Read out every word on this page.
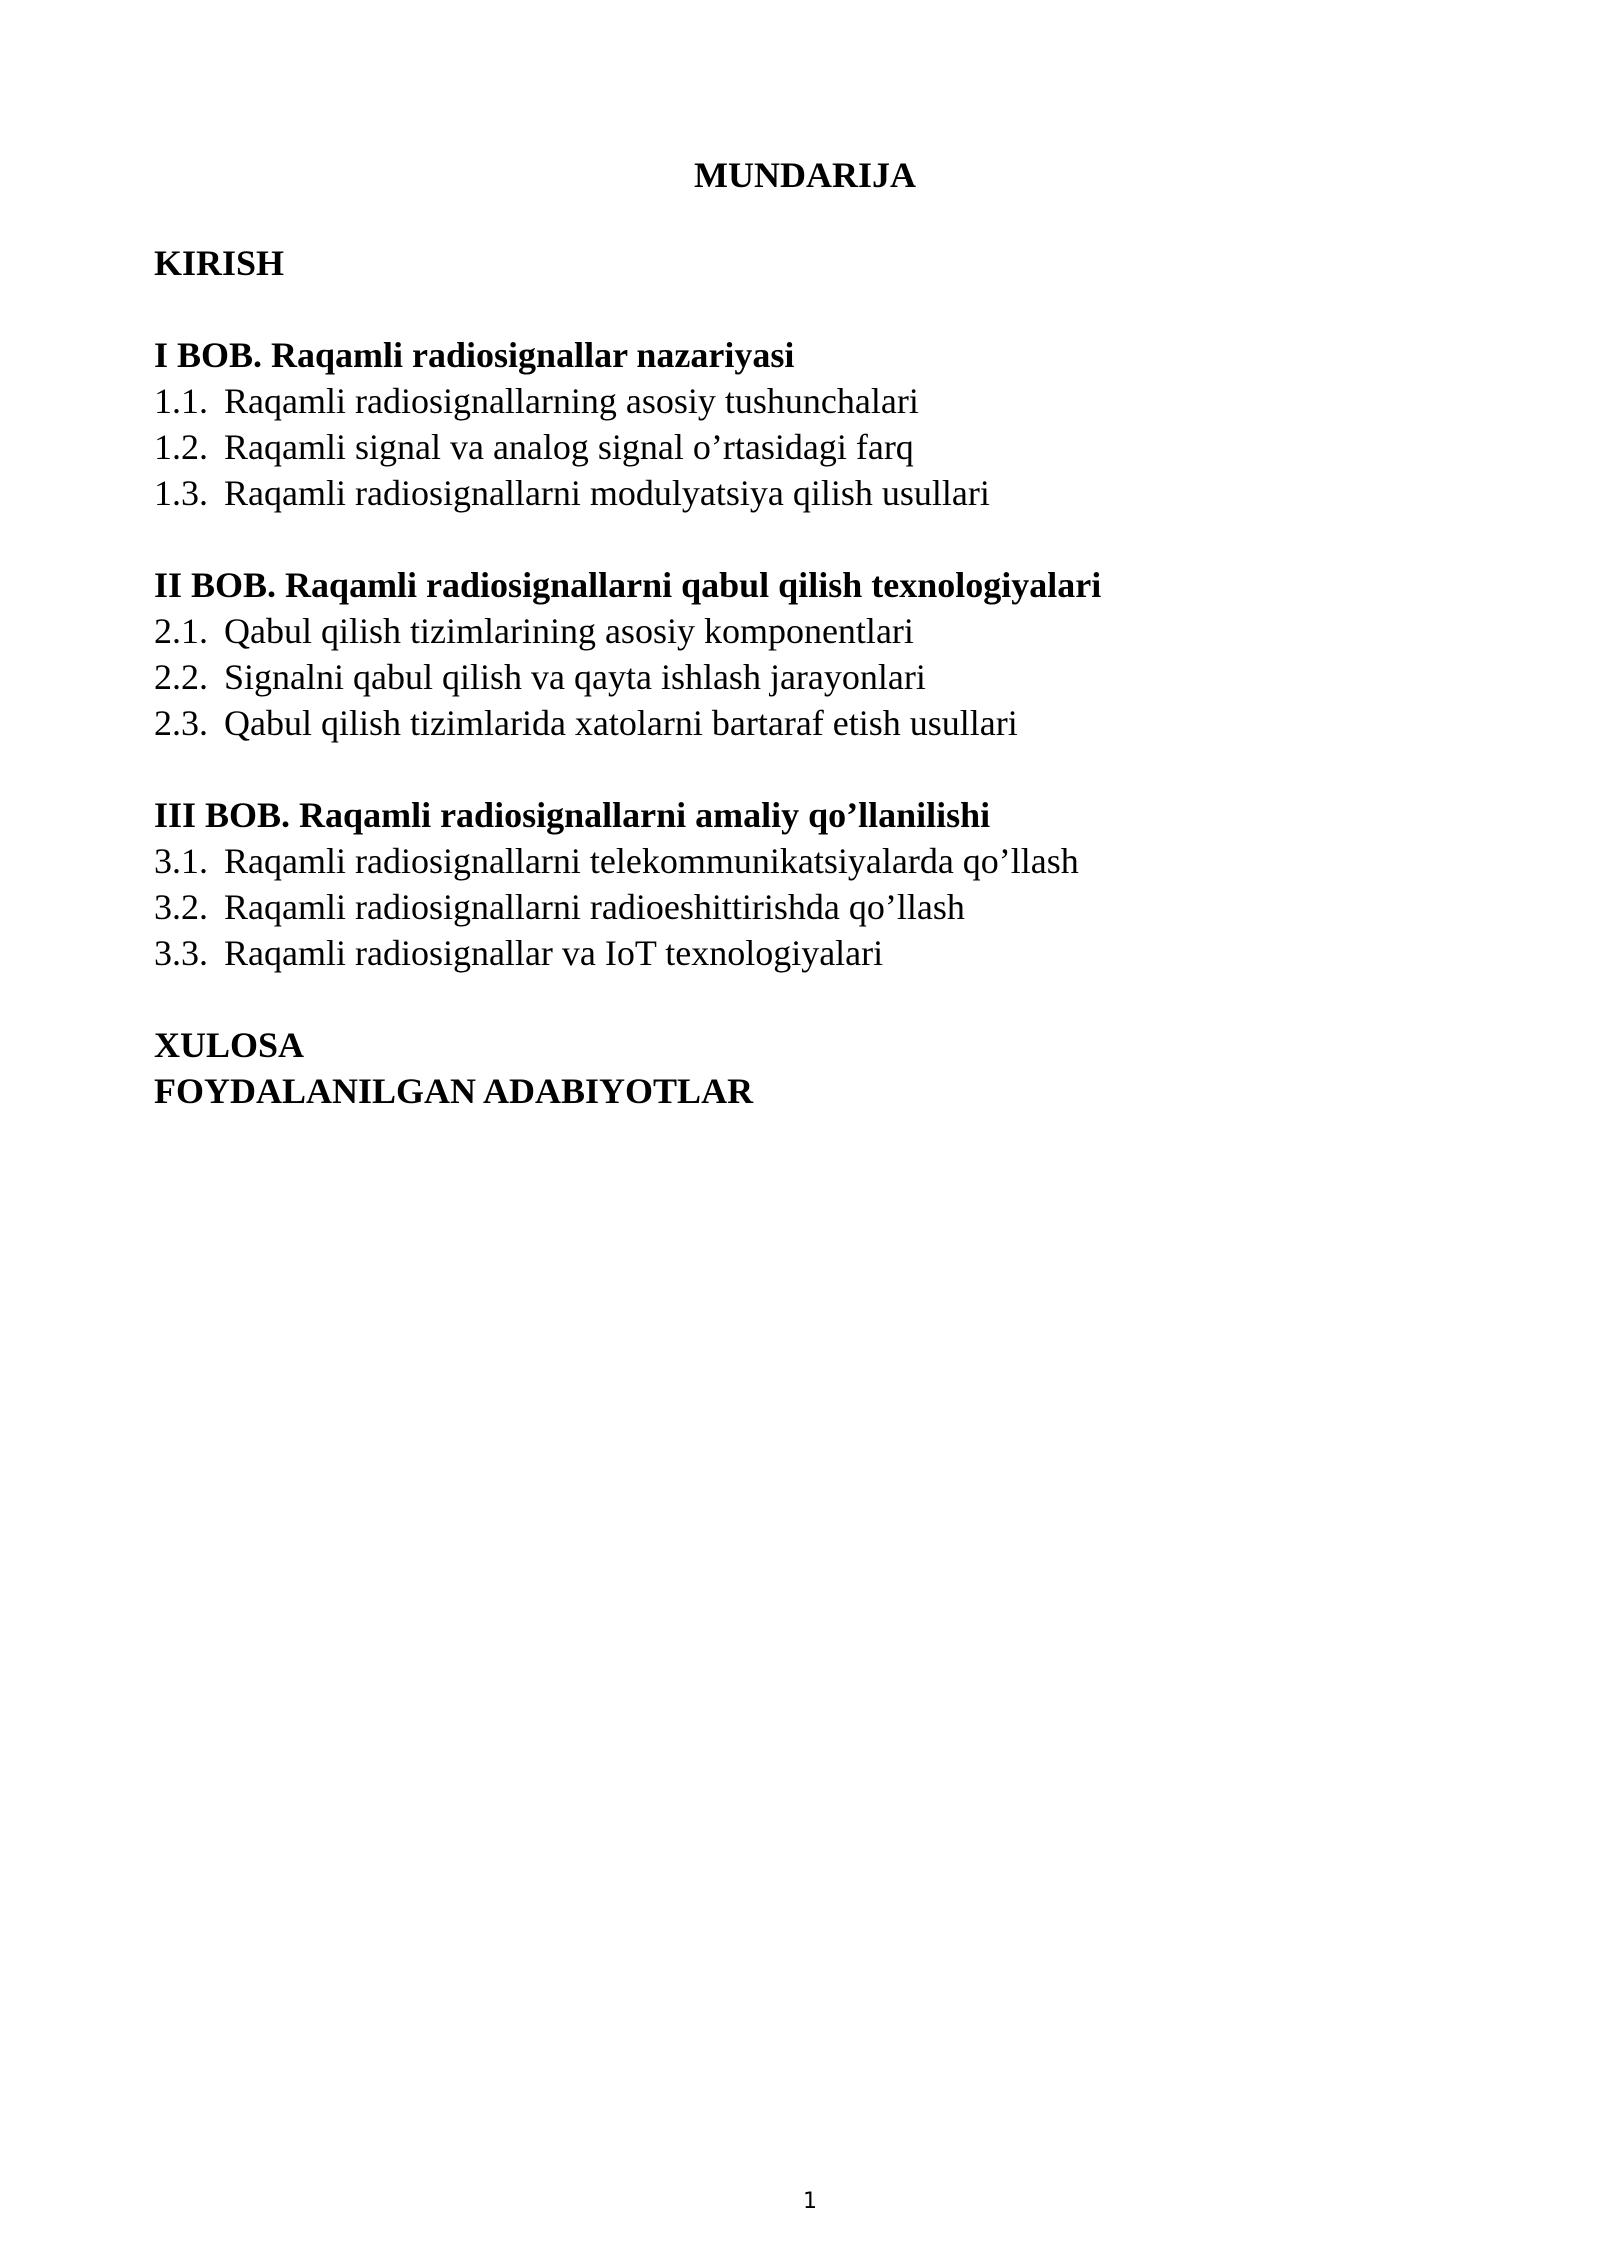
MUNDARIJA

KIRISH

I BOB. Raqamli radiosignallar nazariyasi

1.1. Raqamli radiosignallarning asosiy tushunchalari

1.2. Raqamli signal va analog signal o’rtasidagi farq

1.3. Raqamli radiosignallarni modulyatsiya qilish usullari

II BOB. Raqamli radiosignallarni qabul qilish texnologiyalari

2.1. Qabul qilish tizimlarining asosiy komponentlari

2.2. Signalni qabul qilish va qayta ishlash jarayonlari

2.3. Qabul qilish tizimlarida xatolarni bartaraf etish usullari

III BOB. Raqamli radiosignallarni amaliy qo’llanilishi

3.1. Raqamli radiosignallarni telekommunikatsiyalarda qo’llash

3.2. Raqamli radiosignallarni radioeshittirishda qo’llash

3.3. Raqamli radiosignallar va IoT texnologiyalari

XULOSA

FOYDALANILGAN ADABIYOTLAR

1
